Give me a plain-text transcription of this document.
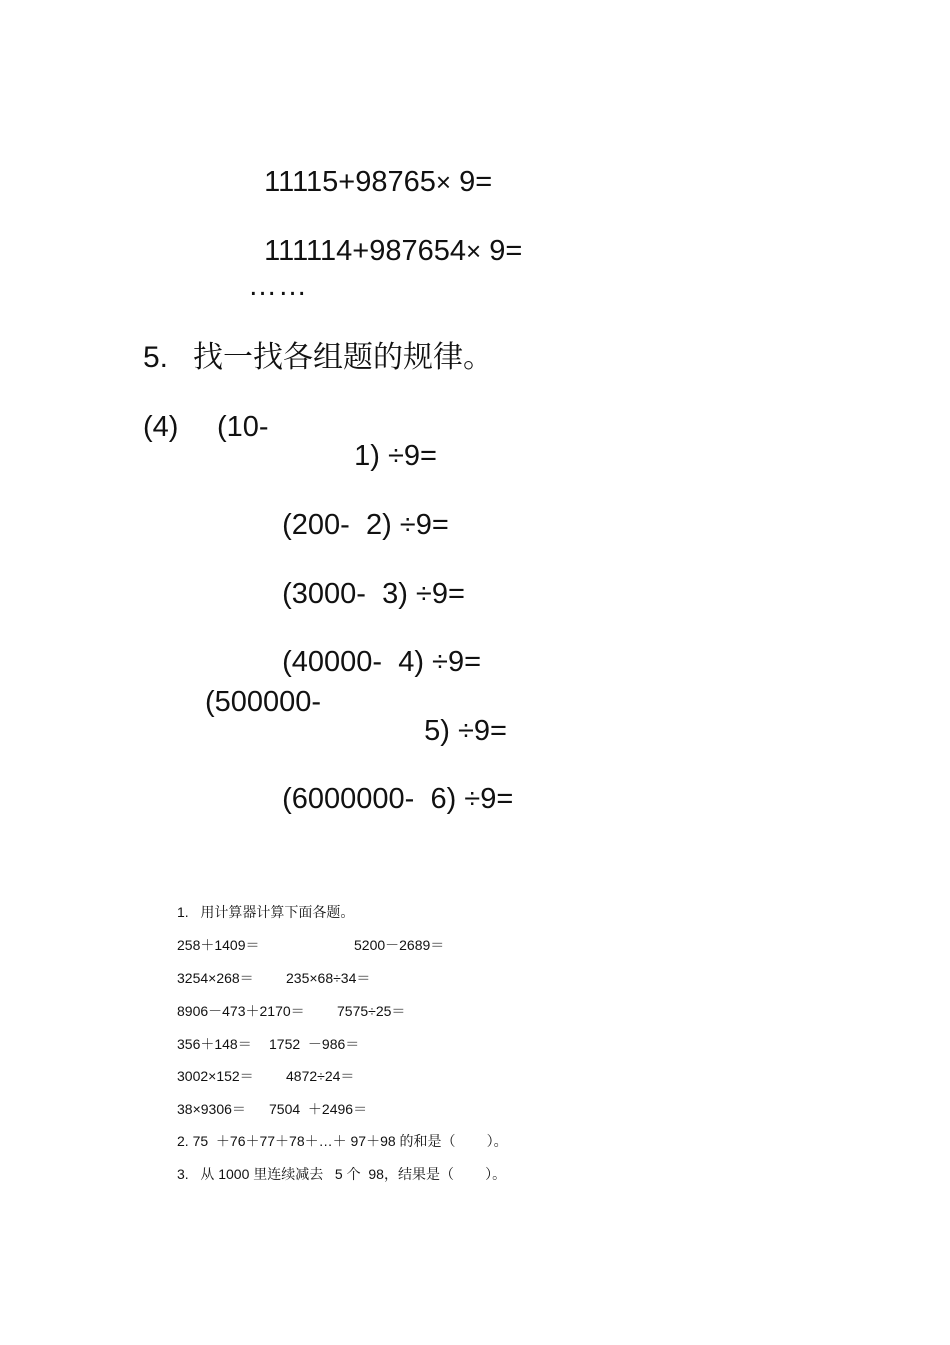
11115+98765× 9=

111114+987654× 9=

……
5.   找一找各组题的规律。
(4) (10-

1) ÷9=

(200-  2) ÷9=

(3000-  3) ÷9=

(40000-  4) ÷9=

(500000-

5) ÷9=

(6000000-  6) ÷9=

1.   用计算器计算下面各题。
258＋1409＝	5200－2689＝
3254×268＝ 235×68÷34＝
8906－473＋2170＝ 7575÷25＝
356＋148＝ 1752  －986＝
3002×152＝ 4872÷24＝
38×9306＝ 7504  ＋2496＝
2. 75  ＋76＋77＋78＋…＋ 97＋98 的和是（        ）。
3.   从 1000 里连续减去   5 个  98，结果是（        ）。
